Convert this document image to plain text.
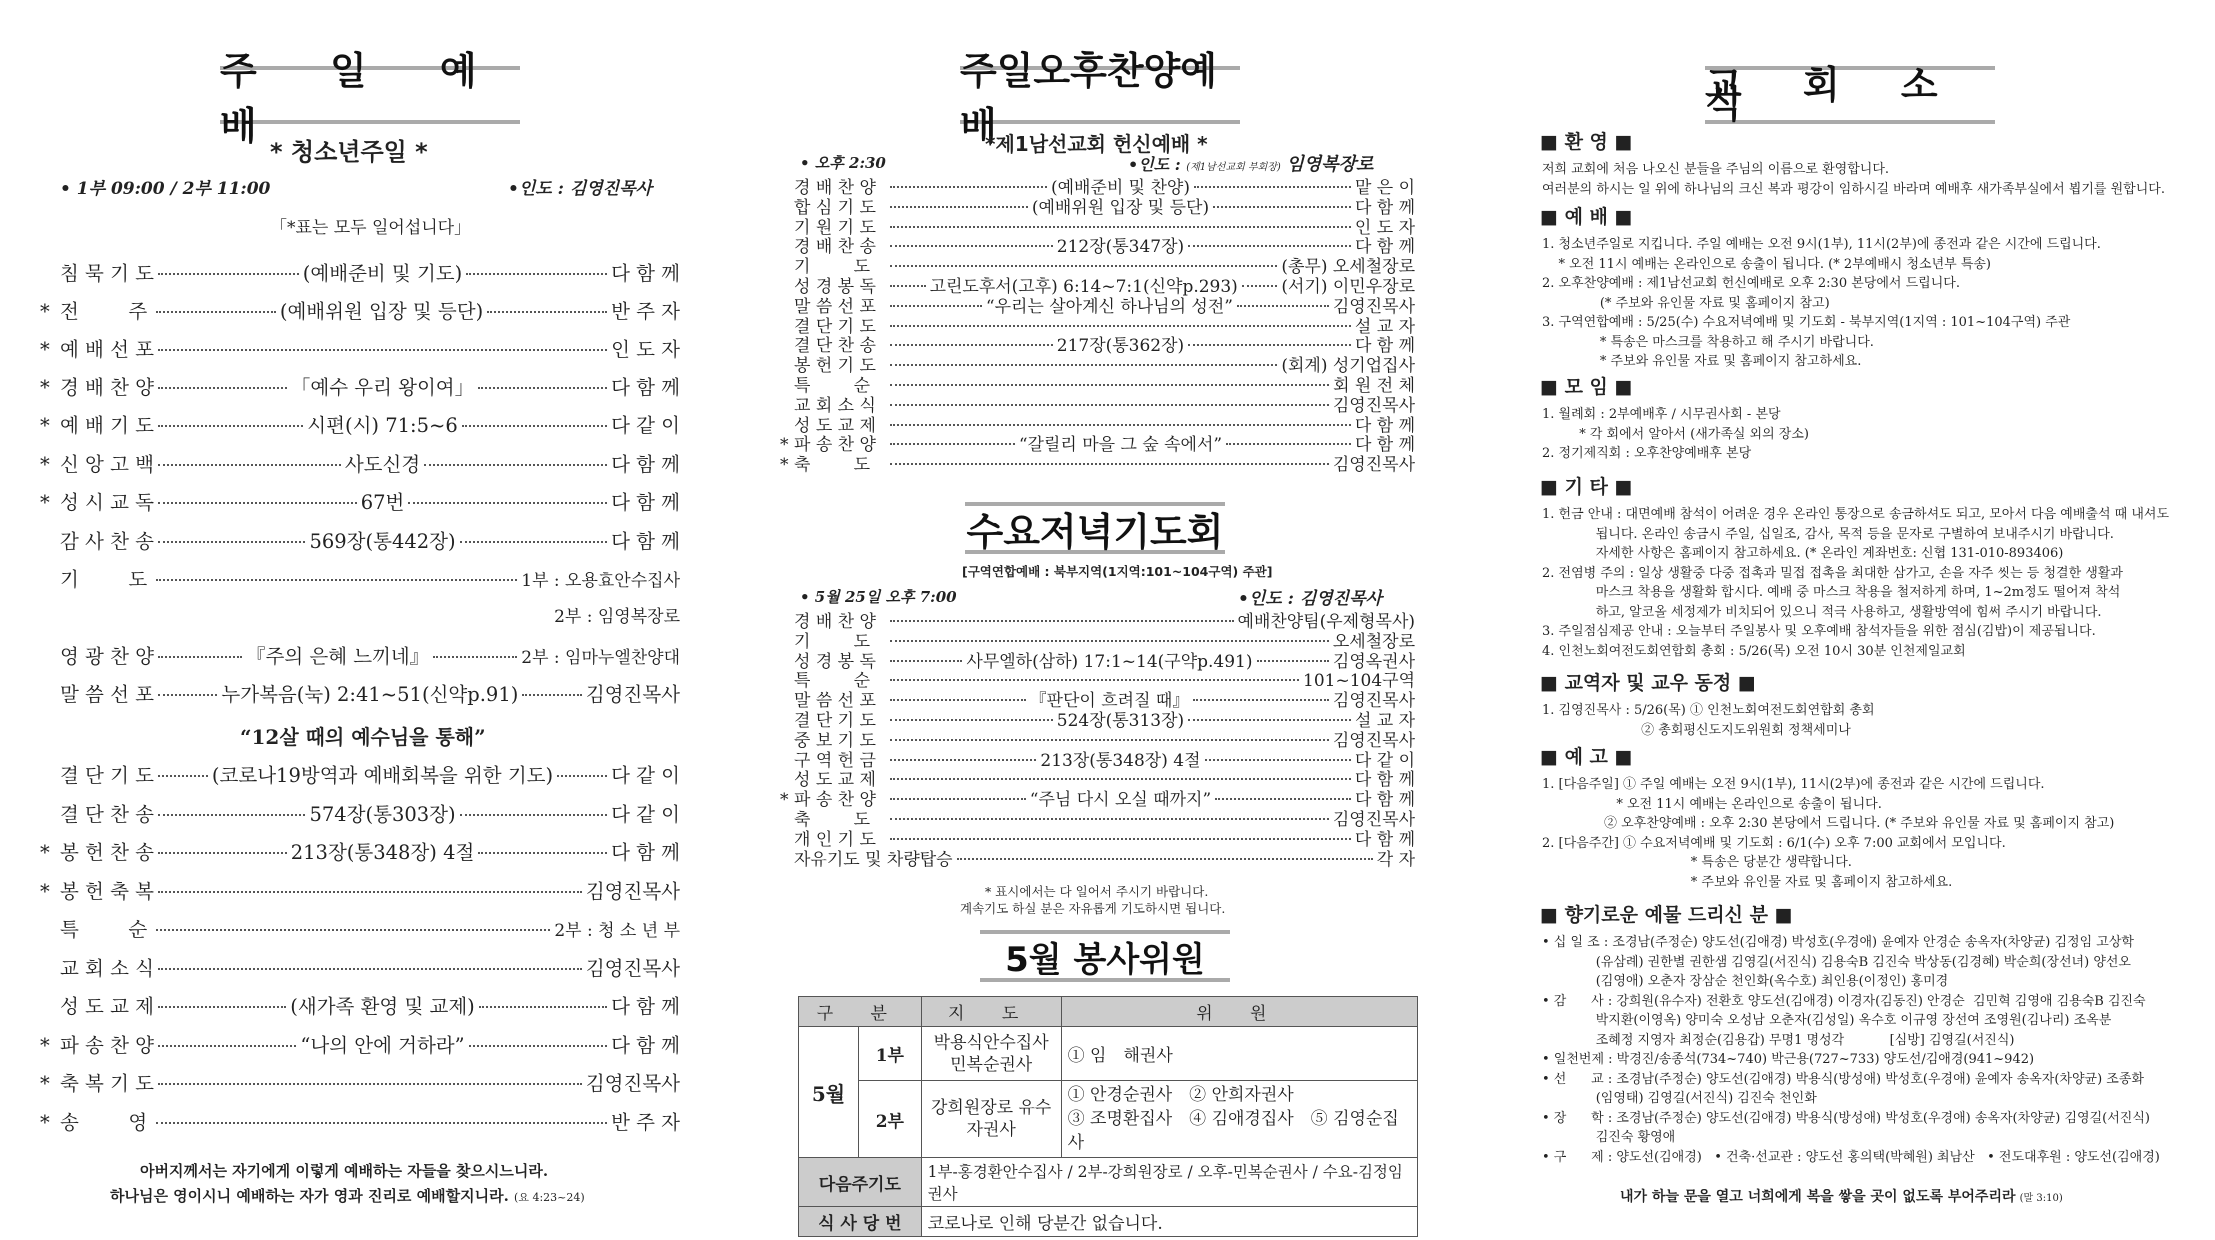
주 일 예 배
* 청소년주일 *
• 1부 09:00 / 2부 11:00	•인도 : 김영진목사
「*표는 모두 일어섭니다」
침 묵 기 도	(예배준비 및 기도)	다 함 께
* 전        주	(예배위원 입장 및 등단)	반 주 자
* 예 배 선 포	인 도 자
* 경 배 찬 양	「예수 우리 왕이여」	다 함 께
* 예 배 기 도	시편(시) 71:5~6	다 같 이
* 신 앙 고 백	사도신경	다 함 께
* 성 시 교 독	67번	다 함 께
감 사 찬 송	569장(통442장)	다 함 께
기        도	1부 : 오용효안수집사
2부 : 임영복장로
영 광 찬 양	『주의 은혜 느끼네』	2부 : 임마누엘찬양대
말 씀 선 포	누가복음(눅) 2:41~51(신약p.91)	김영진목사
결 단 기 도	(코로나19방역과 예배회복을 위한 기도)	다 같 이
결 단 찬 송	574장(통303장)	다 같 이
* 봉 헌 찬 송	213장(통348장) 4절	다 함 께
* 봉 헌 축 복	김영진목사
특        순	2부 : 청 소 년 부
교 회 소 식	김영진목사
성 도 교 제	(새가족 환영 및 교제)	다 함 께
* 파 송 찬 양	“나의 안에 거하라”	다 함 께
* 축 복 기 도	김영진목사
* 송        영	반 주 자
“12살 때의 예수님을 통해”
아버지께서는 자기에게 이렇게 예배하는 자들을 찾으시느니라.
하나님은 영이시니 예배하는 자가 영과 진리로 예배할지니라. (요 4:23~24)
주일오후찬양예배
*제1남선교회 헌신예배 *
• 오후 2:30	•인도 : (제1남선교회 부회장) 임영복장로
경 배 찬 양	(예배준비 및 찬양)	맡 은 이
합 심 기 도	(예배위원 입장 및 등단)	다 함 께
기 원 기 도	인 도 자
경 배 찬 송	212장(통347장)	다 함 께
기        도	(총무) 오세철장로
성 경 봉 독	고린도후서(고후) 6:14~7:1(신약p.293)	(서기) 이민우장로
말 씀 선 포	“우리는 살아계신 하나님의 성전”	김영진목사
결 단 기 도	설 교 자
결 단 찬 송	217장(통362장)	다 함 께
봉 헌 기 도	(회계) 성기업집사
특        순	회 원 전 체
교 회 소 식	김영진목사
성 도 교 제	다 함 께
* 파 송 찬 양	“갈릴리 마을 그 숲 속에서”	다 함 께
* 축        도	김영진목사
수요저녁기도회
[구역연합예배 : 북부지역(1지역:101~104구역) 주관]
• 5월 25일 오후 7:00	•인도 : 김영진목사
경 배 찬 양	예배찬양팀(우제형목사)
기        도	오세철장로
성 경 봉 독	사무엘하(삼하) 17:1~14(구약p.491)	김영옥권사
특        순	101~104구역
말 씀 선 포	『판단이 흐려질 때』	김영진목사
결 단 기 도	524장(통313장)	설 교 자
중 보 기 도	김영진목사
구 역 헌 금	213장(통348장) 4절	다 같 이
성 도 교 제	다 함 께
* 파 송 찬 양	“주님 다시 오실 때까지”	다 함 께
축        도	김영진목사
개 인 기 도	다 함 께
자유기도 및 차량탑승	각 자
* 표시에서는 다 일어서 주시기 바랍니다.
계속기도 하실 분은 자유롭게 기도하시면 됩니다.
5월 봉사위원
구 분		지 도	위 원
5월	1부	박용식안수집사 민복순권사	① 임　해권사
	2부	강희원장로 유수자권사	① 안경순권사　② 안희자권사
③ 조명환집사　④ 김애경집사　⑤ 김영순집사

다음주기도		1부-홍경환안수집사 / 2부-강희원장로 / 오후-민복순권사 / 수요-김정임권사	
식 사 당 번		코로나로 인해 당분간 없습니다.	
교 회 소 식
■ 환 영 ■
저희 교회에 처음 나오신 분들을 주님의 이름으로 환영합니다.
여러분의 하시는 일 위에 하나님의 크신 복과 평강이 임하시길 바라며 예배후 새가족부실에서 뵙기를 원합니다.
■ 예 배 ■
1. 청소년주일로 지킵니다. 주일 예배는 오전 9시(1부), 11시(2부)에 종전과 같은 시간에 드립니다.
* 오전 11시 예배는 온라인으로 송출이 됩니다. (* 2부예배시 청소년부 특송)
2. 오후찬양예배 : 제1남선교회 헌신예배로 오후 2:30 본당에서 드립니다.
(* 주보와 유인물 자료 및 홈페이지 참고)
3. 구역연합예배 : 5/25(수) 수요저녁예배 및 기도회 - 북부지역(1지역 : 101~104구역) 주관
* 특송은 마스크를 착용하고 해 주시기 바랍니다.
* 주보와 유인물 자료 및 홈페이지 참고하세요.
■ 모 임 ■
1. 월례회 : 2부예배후 / 시무권사회 - 본당
* 각 회에서 알아서 (새가족실 외의 장소)
2. 정기제직회 : 오후찬양예배후 본당
■ 기 타 ■
1. 헌금 안내 : 대면예배 참석이 어려운 경우 온라인 통장으로 송금하셔도 되고, 모아서 다음 예배출석 때 내셔도
됩니다. 온라인 송금시 주일, 십일조, 감사, 목적 등을 문자로 구별하여 보내주시기 바랍니다.
자세한 사항은 홈페이지 참고하세요. (* 온라인 계좌번호: 신협 131-010-893406)
2. 전염병 주의 : 일상 생활중 다중 접촉과 밀접 접촉을 최대한 삼가고, 손을 자주 씻는 등 청결한 생활과
마스크 착용을 생활화 합시다. 예배 중 마스크 착용을 철저하게 하며, 1~2m정도 떨어져 착석
하고, 알코올 세정제가 비치되어 있으니 적극 사용하고, 생활방역에 힘써 주시기 바랍니다.
3. 주일점심제공 안내 : 오늘부터 주일봉사 및 오후예배 참석자들을 위한 점심(김밥)이 제공됩니다.
4. 인천노회여전도회연합회 총회 : 5/26(목) 오전 10시 30분 인천제일교회
■ 교역자 및 교우 동정 ■
1. 김영진목사 : 5/26(목) ① 인천노회여전도회연합회 총회
② 총회평신도지도위원회 정책세미나
■ 예 고 ■
1. [다음주일] ① 주일 예배는 오전 9시(1부), 11시(2부)에 종전과 같은 시간에 드립니다.
* 오전 11시 예배는 온라인으로 송출이 됩니다.
② 오후찬양예배 : 오후 2:30 본당에서 드립니다. (* 주보와 유인물 자료 및 홈페이지 참고)
2. [다음주간] ① 수요저녁예배 및 기도회 : 6/1(수) 오후 7:00 교회에서 모입니다.
* 특송은 당분간 생략합니다.
* 주보와 유인물 자료 및 홈페이지 참고하세요.
■ 향기로운 예물 드리신 분 ■
• 십 일 조 : 조경남(주정순) 양도선(김애경) 박성호(우경애) 윤예자 안경순 송옥자(차양균) 김정임 고상학
(유삼례) 권한별 권한샘 김영길(서진식) 김용숙B 김진숙 박상동(김경혜) 박순희(장선녀) 양선오
(김영애) 오춘자 장삼순 천인화(옥수호) 최인용(이정인) 홍미경
• 감      사 : 강희원(유수자) 전환호 양도선(김애경) 이경자(김동진) 안경순  김민혁 김영애 김용숙B 김진숙
박지환(이영옥) 양미숙 오성남 오춘자(김성일) 옥수호 이규영 장선여 조영원(김나리) 조옥분
조혜정 지영자 최정순(김용갑) 무명1 명성각           [심방] 김영길(서진식)
• 일천번제 : 박경진/송종석(734~740) 박근용(727~733) 양도선/김애경(941~942)
• 선      교 : 조경남(주정순) 양도선(김애경) 박용식(방성애) 박성호(우경애) 윤예자 송옥자(차양균) 조종화
(임영태) 김영길(서진식) 김진숙 천인화
• 장      학 : 조경남(주정순) 양도선(김애경) 박용식(방성애) 박성호(우경애) 송옥자(차양균) 김영길(서진식)
김진숙 황영애
• 구      제 : 양도선(김애경)   • 건축·선교관 : 양도선 홍의택(박혜원) 최남산   • 전도대후원 : 양도선(김애경)
내가 하늘 문을 열고 너희에게 복을 쌓을 곳이 없도록 부어주리라 (말 3:10)
